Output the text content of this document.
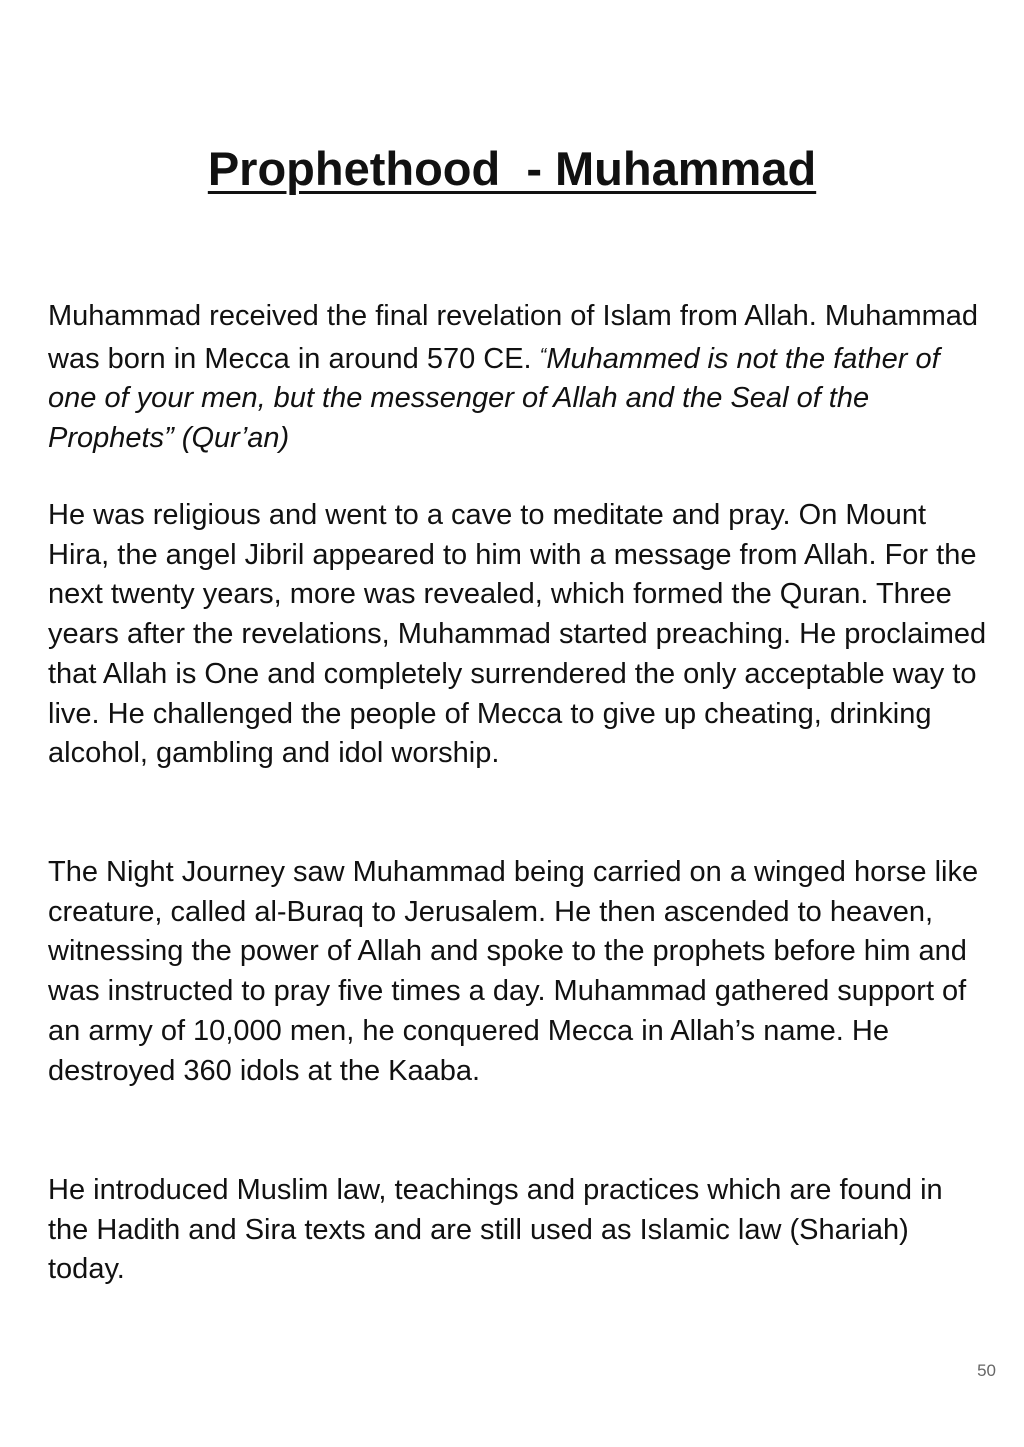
Prophethood  - Muhammad

Muhammad received the final revelation of Islam from Allah. Muhammad was born in Mecca in around 570 CE. “Muhammed is not the father of one of your men, but the messenger of Allah and the Seal of the Prophets” (Qur’an)

He was religious and went to a cave to meditate and pray. On Mount Hira, the angel Jibril appeared to him with a message from Allah. For the next twenty years, more was revealed, which formed the Quran. Three years after the revelations, Muhammad started preaching. He proclaimed that Allah is One and completely surrendered the only acceptable way to live. He challenged the people of Mecca to give up cheating, drinking alcohol, gambling and idol worship.

The Night Journey saw Muhammad being carried on a winged horse like creature, called al-Buraq to Jerusalem. He then ascended to heaven, witnessing the power of Allah and spoke to the prophets before him and was instructed to pray five times a day. Muhammad gathered support of an army of 10,000 men, he conquered Mecca in Allah’s name. He destroyed 360 idols at the Kaaba.

He introduced Muslim law, teachings and practices which are found in the Hadith and Sira texts and are still used as Islamic law (Shariah) today.

50
